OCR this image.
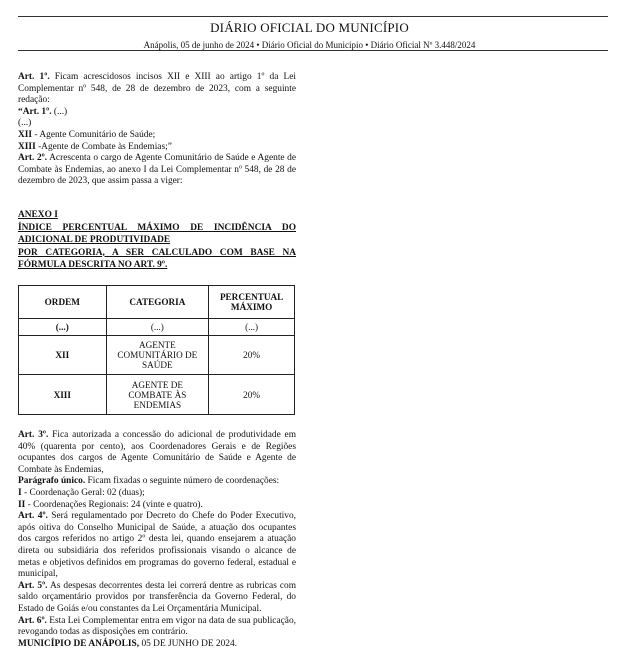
DIÁRIO OFICIAL DO MUNICÍPIO
Anápolis, 05 de junho de 2024 • Diário Oficial do Município • Diário Oficial Nº 3.448/2024

Art. 1º. Ficam acrescidosos incisos XII e XIII ao artigo 1º da Lei Complementar nº 548, de 28 de dezembro de 2023, com a seguinte redação:

“Art. 1º. (...)

(...)

XII - Agente Comunitário de Saúde;

XIII -Agente de Combate às Endemias;”

Art. 2º. Acrescenta o cargo de Agente Comunitário de Saúde e Agente de Combate às Endemias, ao anexo I da Lei Complementar nº 548, de 28 de dezembro de 2023, que assim passa a viger:

ANEXO I

ÍNDICE PERCENTUAL MÁXIMO DE INCIDÊNCIA DO ADICIONAL DE PRODUTIVIDADE

POR CATEGORIA, A SER CALCULADO COM BASE NA FÓRMULA DESCRITA NO ART. 9º.

ORDEM	CATEGORIA	PERCENTUAL MÁXIMO
(...)	(...)	(...)
XII	AGENTE COMUNITÁRIO DE SAÚDE	20%
XIII	AGENTE DE COMBATE ÀS ENDEMIAS	20%

Art. 3º. Fica autorizada a concessão do adicional de produtividade em 40% (quarenta por cento), aos Coordenadores Gerais e de Regiões ocupantes dos cargos de Agente Comunitário de Saúde e Agente de Combate às Endemias,

Parágrafo único. Ficam fixadas o seguinte número de coordenações:

I - Coordenação Geral: 02 (duas);

II - Coordenações Regionais: 24 (vinte e quatro).

Art. 4º. Será regulamentado por Decreto do Chefe do Poder Executivo, após oitiva do Conselho Municipal de Saúde, a atuação dos ocupantes dos cargos referidos no artigo 2º desta lei, quando ensejarem a atuação direta ou subsidiária dos referidos profissionais visando o alcance de metas e objetivos definidos em programas do governo federal, estadual e municipal,

Art. 5º. As despesas decorrentes desta lei correrá dentre as rubricas com saldo orçamentário providos por transferência da Governo Federal, do Estado de Goiás e/ou constantes da Lei Orçamentária Municipal.

Art. 6º. Esta Lei Complementar entra em vigor na data de sua publicação, revogando todas as disposições em contrário.

MUNICÍPIO DE ANÁPOLIS, 05 DE JUNHO DE 2024.
